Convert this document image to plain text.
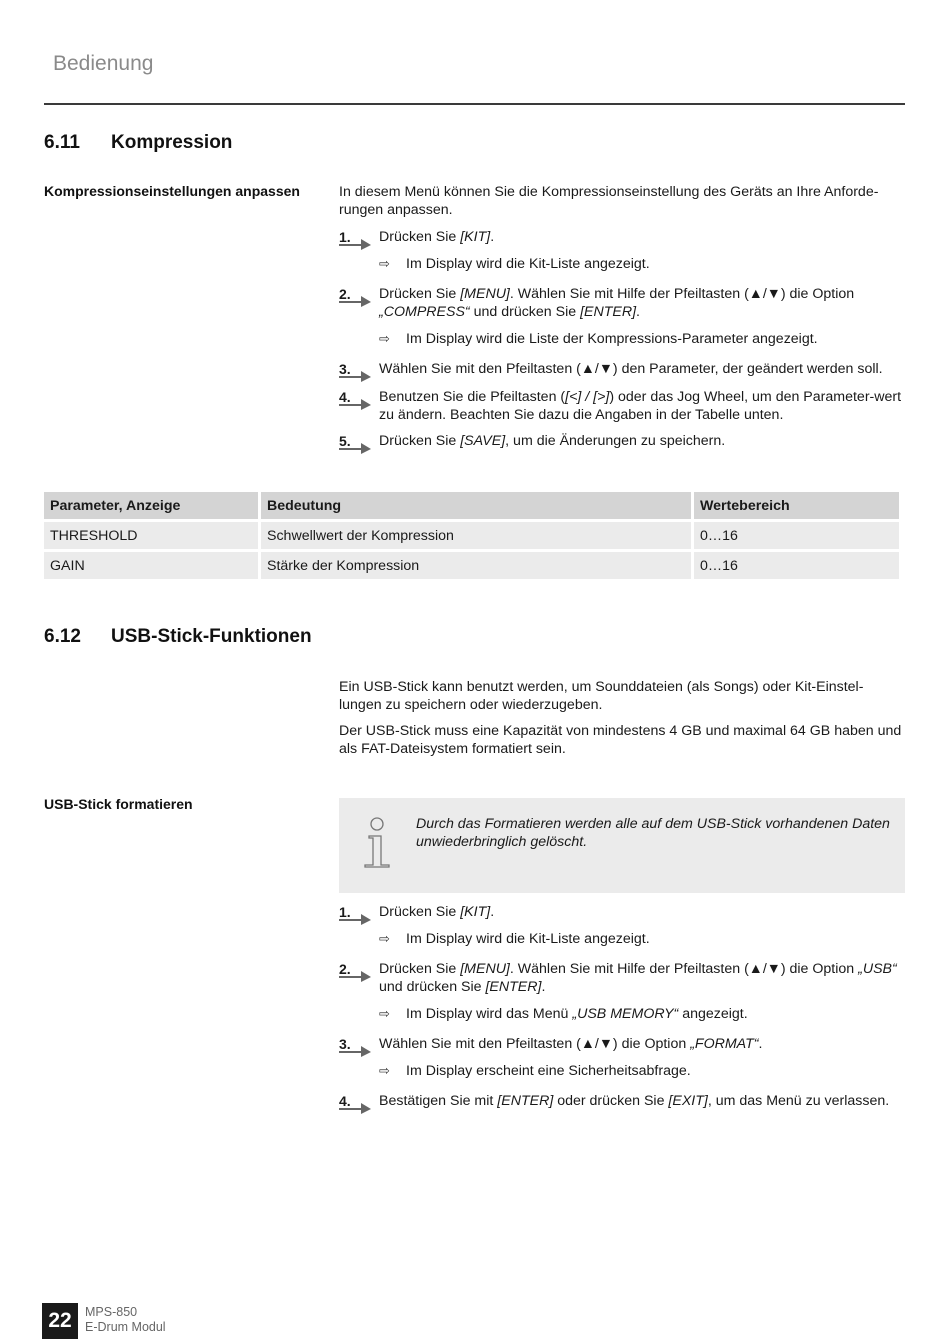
Bedienung
6.11 Kompression
Kompressionseinstellungen anpassen	In diesem Menü können Sie die Kompressionseinstellung des Geräts an Ihre Anforde-rungen anpassen.
1. Drücken Sie [KIT].
⇨ Im Display wird die Kit-Liste angezeigt.
2. Drücken Sie [MENU]. Wählen Sie mit Hilfe der Pfeiltasten (▲/▼) die Option „COMPRESS“ und drücken Sie [ENTER].
⇨ Im Display wird die Liste der Kompressions-Parameter angezeigt.
3. Wählen Sie mit den Pfeiltasten (▲/▼) den Parameter, der geändert werden soll.
4. Benutzen Sie die Pfeiltasten ([<] / [>]) oder das Jog Wheel, um den Parameter-wert zu ändern. Beachten Sie dazu die Angaben in der Tabelle unten.
5. Drücken Sie [SAVE], um die Änderungen zu speichern.
Parameter, Anzeige	Bedeutung	Wertebereich
THRESHOLD	Schwellwert der Kompression	0…16
GAIN	Stärke der Kompression	0…16
6.12 USB-Stick-Funktionen
Ein USB-Stick kann benutzt werden, um Sounddateien (als Songs) oder Kit-Einstel-lungen zu speichern oder wiederzugeben.
Der USB-Stick muss eine Kapazität von mindestens 4 GB und maximal 64 GB haben und als FAT-Dateisystem formatiert sein.
USB-Stick formatieren
Durch das Formatieren werden alle auf dem USB-Stick vorhandenen Daten unwiederbringlich gelöscht.
1. Drücken Sie [KIT].
⇨ Im Display wird die Kit-Liste angezeigt.
2. Drücken Sie [MENU]. Wählen Sie mit Hilfe der Pfeiltasten (▲/▼) die Option „USB“ und drücken Sie [ENTER].
⇨ Im Display wird das Menü „USB MEMORY“ angezeigt.
3. Wählen Sie mit den Pfeiltasten (▲/▼) die Option „FORMAT“.
⇨ Im Display erscheint eine Sicherheitsabfrage.
4. Bestätigen Sie mit [ENTER] oder drücken Sie [EXIT], um das Menü zu verlassen.
22	MPS-850
E-Drum Modul
